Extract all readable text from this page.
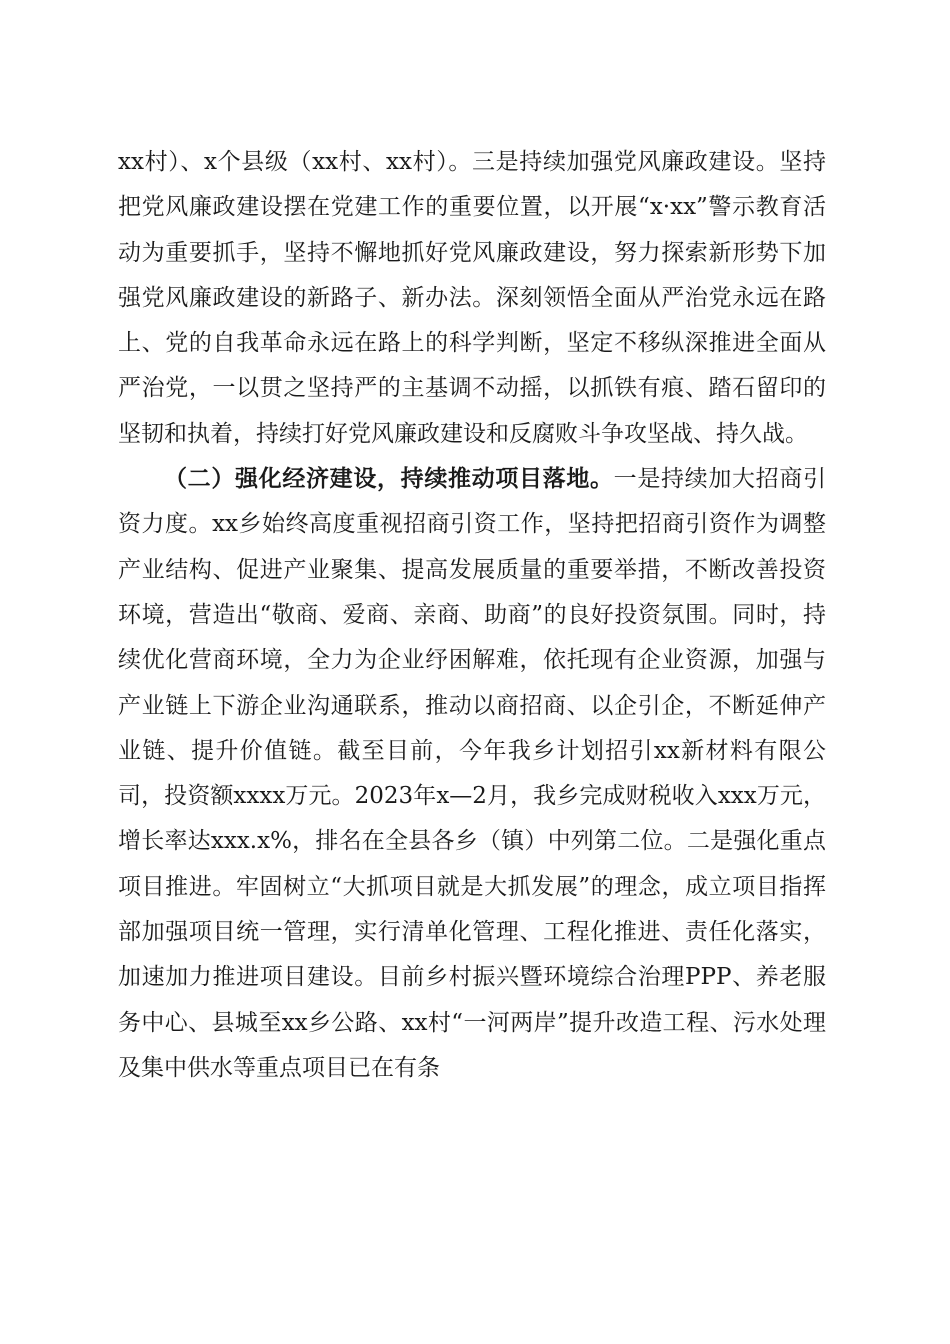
xx村）、x个县级（xx村、xx村）。三是持续加强党风廉政建设。坚持把党风廉政建设摆在党建工作的重要位置，以开展“x·xx”警示教育活动为重要抓手，坚持不懈地抓好党风廉政建设，努力探索新形势下加强党风廉政建设的新路子、新办法。深刻领悟全面从严治党永远在路上、党的自我革命永远在路上的科学判断，坚定不移纵深推进全面从严治党，一以贯之坚持严的主基调不动摇，以抓铁有痕、踏石留印的坚韧和执着，持续打好党风廉政建设和反腐败斗争攻坚战、持久战。

（二）强化经济建设，持续推动项目落地。一是持续加大招商引资力度。xx乡始终高度重视招商引资工作，坚持把招商引资作为调整产业结构、促进产业聚集、提高发展质量的重要举措，不断改善投资环境，营造出“敬商、爱商、亲商、助商”的良好投资氛围。同时，持续优化营商环境，全力为企业纾困解难，依托现有企业资源，加强与产业链上下游企业沟通联系，推动以商招商、以企引企，不断延伸产业链、提升价值链。截至目前，今年我乡计划招引xx新材料有限公司，投资额xxxx万元。2023年x—2月，我乡完成财税收入xxx万元，增长率达xxx.x%，排名在全县各乡（镇）中列第二位。二是强化重点项目推进。牢固树立“大抓项目就是大抓发展”的理念，成立项目指挥部加强项目统一管理，实行清单化管理、工程化推进、责任化落实，加速加力推进项目建设。目前乡村振兴暨环境综合治理PPP、养老服务中心、县城至xx乡公路、xx村“一河两岸”提升改造工程、污水处理及集中供水等重点项目已在有条
